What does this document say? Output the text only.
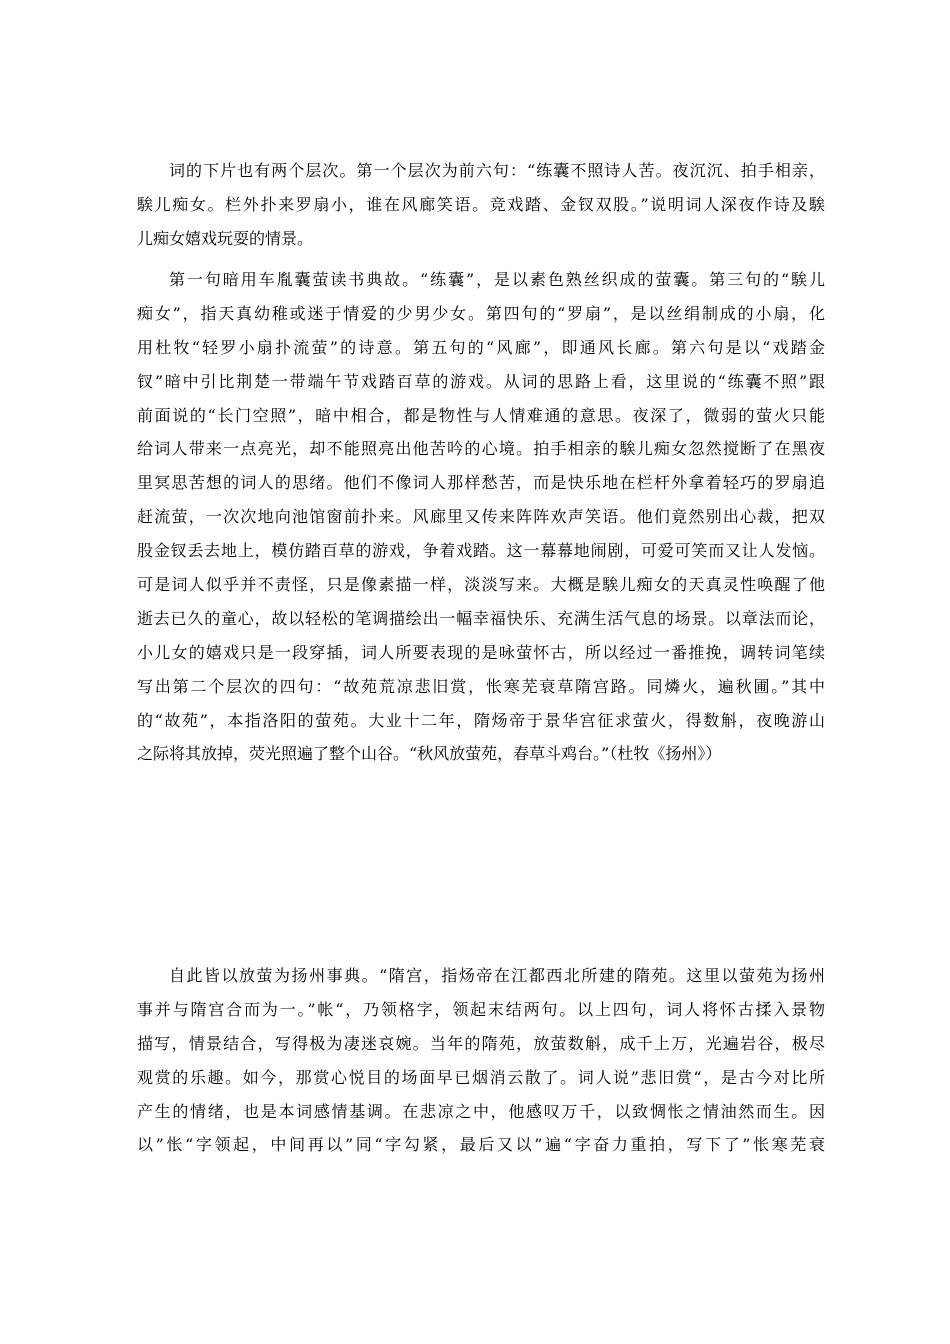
词的下片也有两个层次。第一个层次为前六句：“练囊不照诗人苦。夜沉沉、拍手相亲，
騃儿痴女。栏外扑来罗扇小，谁在风廊笑语。竞戏踏、金钗双股。”说明词人深夜作诗及騃
儿痴女嬉戏玩耍的情景。
第一句暗用车胤囊萤读书典故。“练囊”，是以素色熟丝织成的萤囊。第三句的“騃儿
痴女”，指天真幼稚或迷于情爱的少男少女。第四句的“罗扇”，是以丝绢制成的小扇，化
用杜牧“轻罗小扇扑流萤”的诗意。第五句的“风廊”，即通风长廊。第六句是以“戏踏金
钗”暗中引比荆楚一带端午节戏踏百草的游戏。从词的思路上看，这里说的“练囊不照”跟
前面说的“长门空照”，暗中相合，都是物性与人情难通的意思。夜深了，微弱的萤火只能
给词人带来一点亮光，却不能照亮出他苦吟的心境。拍手相亲的騃儿痴女忽然搅断了在黑夜
里冥思苦想的词人的思绪。他们不像词人那样愁苦，而是快乐地在栏杆外拿着轻巧的罗扇追
赶流萤，一次次地向池馆窗前扑来。风廊里又传来阵阵欢声笑语。他们竟然别出心裁，把双
股金钗丢去地上，模仿踏百草的游戏，争着戏踏。这一幕幕地闹剧，可爱可笑而又让人发恼。
可是词人似乎并不责怪，只是像素描一样，淡淡写来。大概是騃儿痴女的天真灵性唤醒了他
逝去已久的童心，故以轻松的笔调描绘出一幅幸福快乐、充满生活气息的场景。以章法而论，
小儿女的嬉戏只是一段穿插，词人所要表现的是咏萤怀古，所以经过一番推挽，调转词笔续
写出第二个层次的四句：“故苑荒凉悲旧赏，怅寒芜衰草隋宫路。同燐火，遍秋圃。”其中
的“故苑”，本指洛阳的萤苑。大业十二年，隋炀帝于景华宫征求萤火，得数斛，夜晚游山
之际将其放掉，荧光照遍了整个山谷。“秋风放萤苑，春草斗鸡台。”（杜牧《扬州》）
自此皆以放萤为扬州事典。“隋宫，指炀帝在江都西北所建的隋苑。这里以萤苑为扬州
事并与隋宫合而为一。”帐“，乃领格字，领起末结两句。以上四句，词人将怀古揉入景物
描写，情景结合，写得极为凄迷哀婉。当年的隋苑，放萤数斛，成千上万，光遍岩谷，极尽
观赏的乐趣。如今，那赏心悦目的场面早已烟消云散了。词人说”悲旧赏“，是古今对比所
产生的情绪，也是本词感情基调。在悲凉之中，他感叹万千，以致惆怅之情油然而生。因
以”怅“字领起，中间再以”同“字勾紧，最后又以”遍“字奋力重拍，写下了”怅寒芜衰
